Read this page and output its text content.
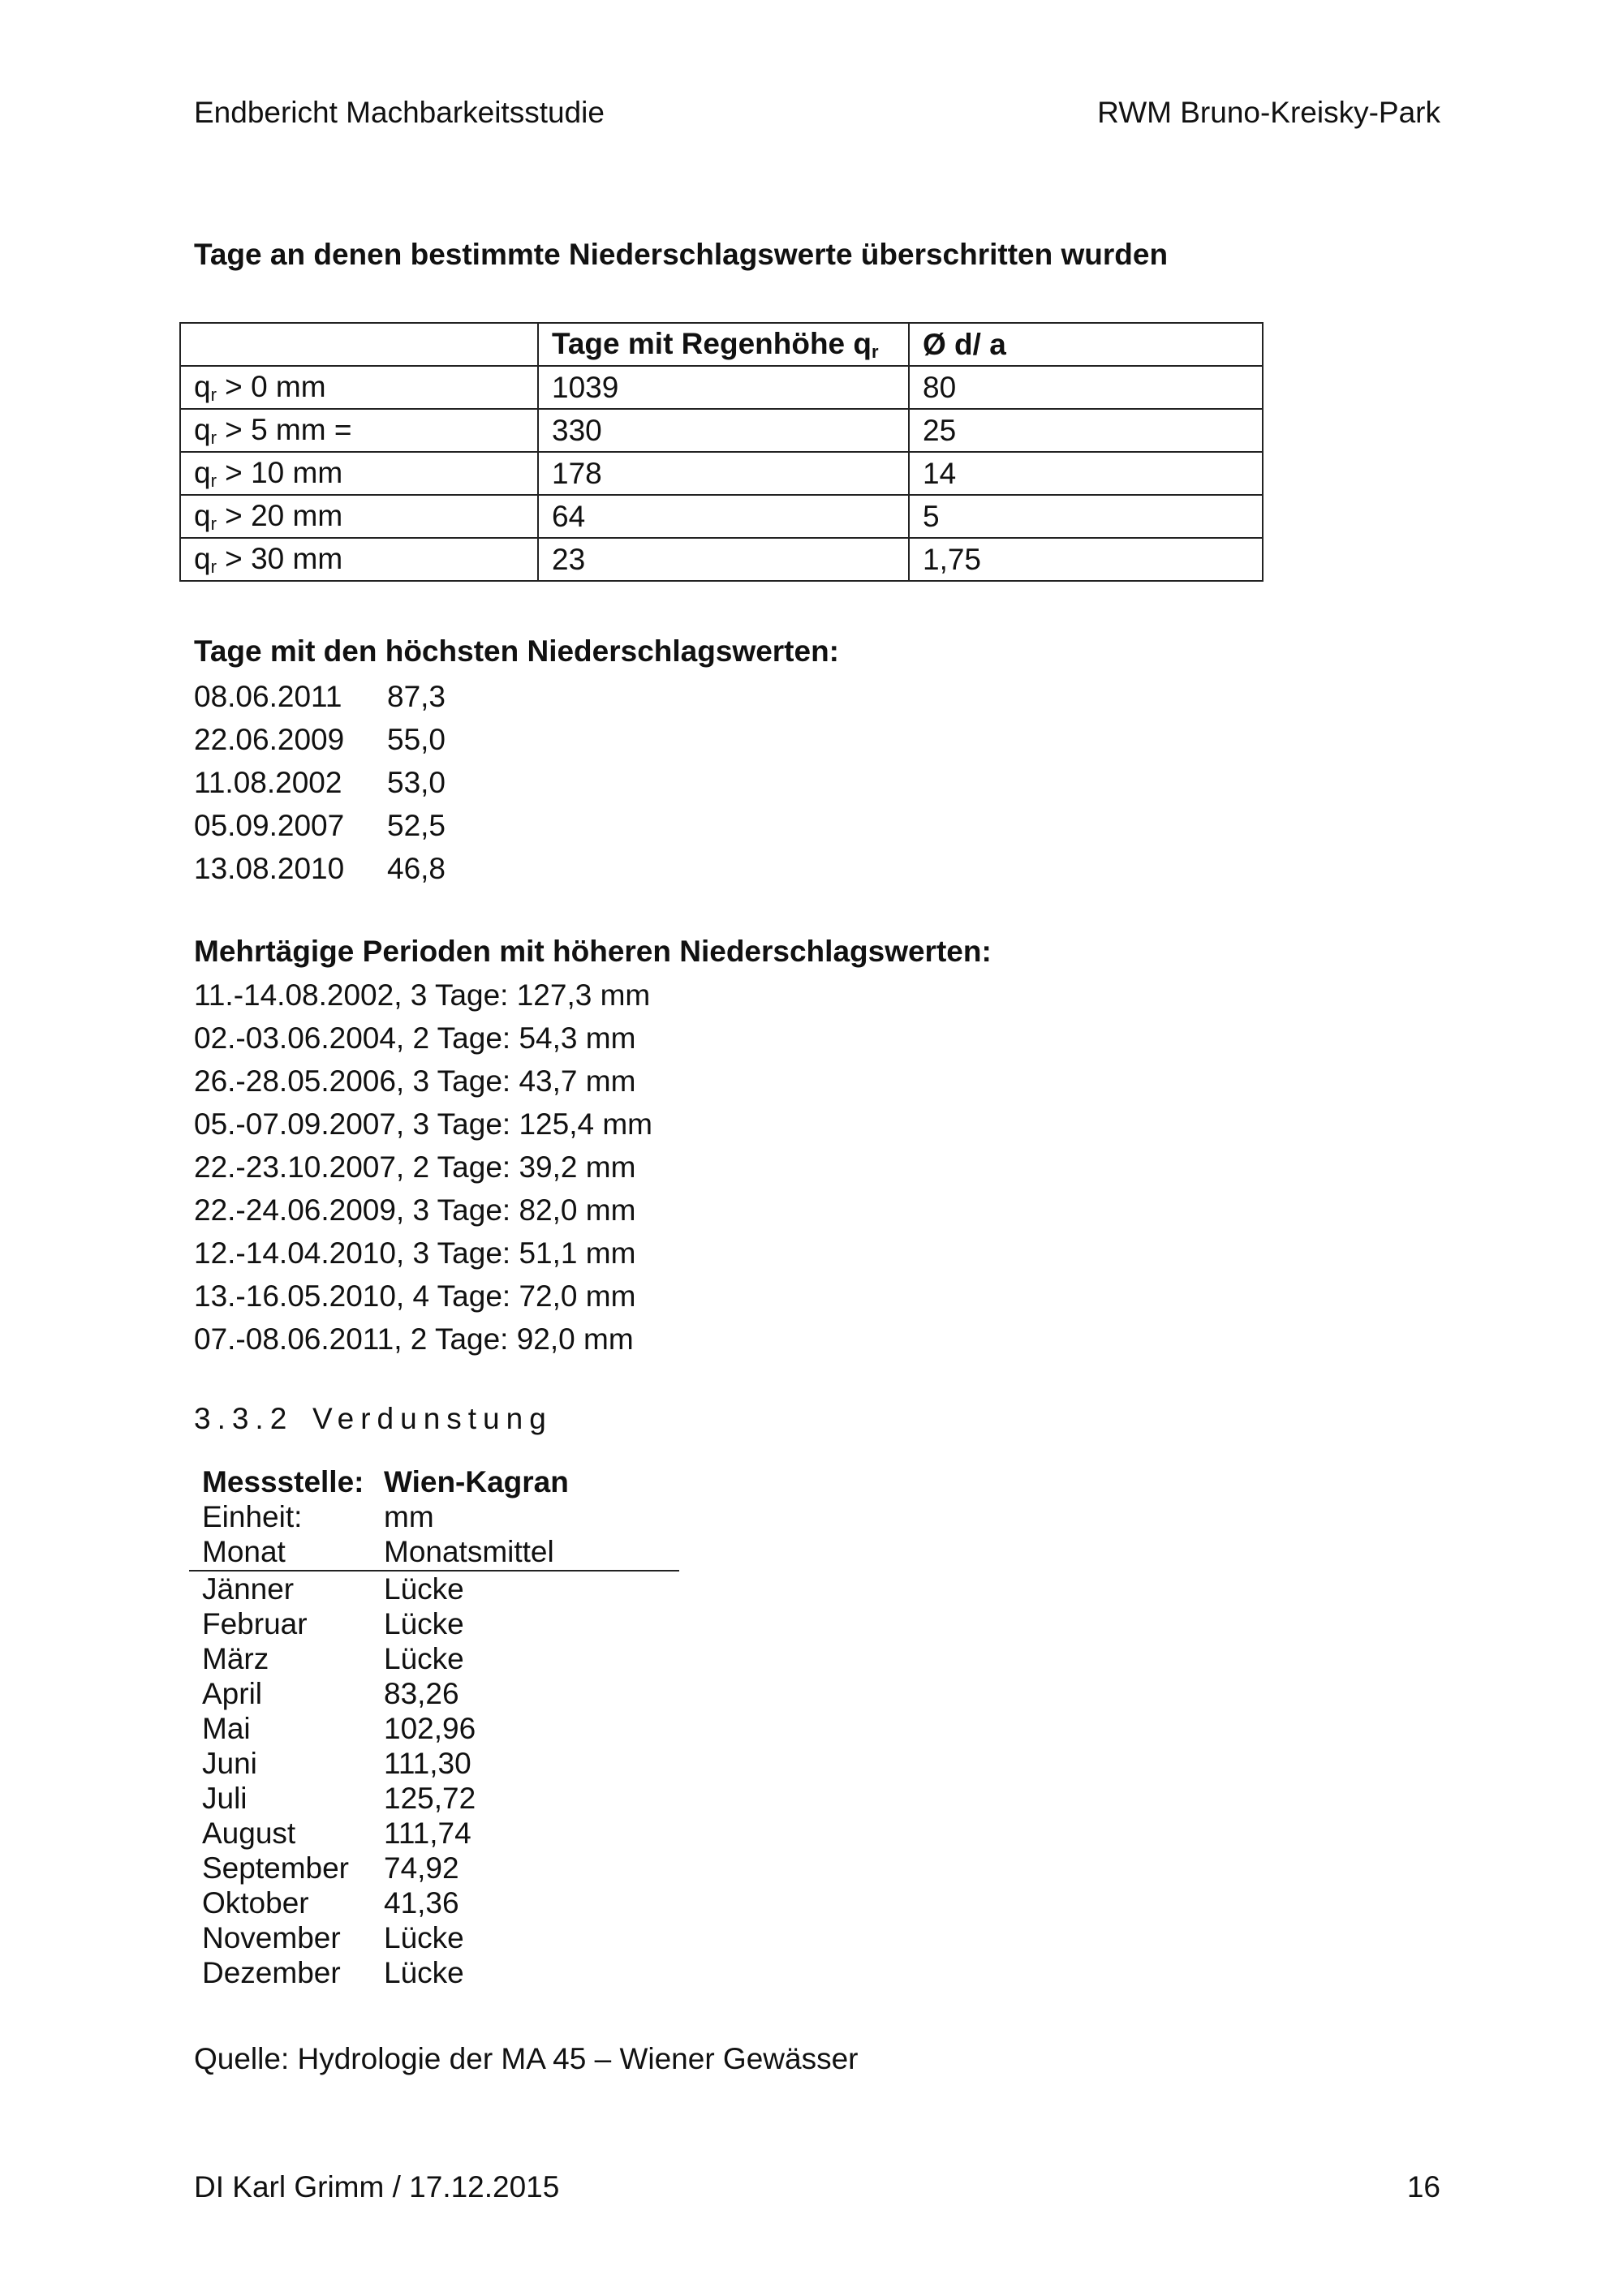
Endbericht Machbarkeitsstudie	RWM Bruno-Kreisky-Park
Tage an denen bestimmte Niederschlagswerte überschritten wurden
	Tage mit Regenhöhe $q_r$	Ø d/ a
$q_r > 0$ mm	1039	80
$q_r > 5$ mm =	330	25
$q_r > 10$ mm	178	14
$q_r > 20$ mm	64	5
$q_r > 30$ mm	23	1,75
Tage mit den höchsten Niederschlagswerten:
08.06.2011 87,3
22.06.2009 55,0
11.08.2002 53,0
05.09.2007 52,5
13.08.2010 46,8
Mehrtägige Perioden mit höheren Niederschlagswerten:
11.-14.08.2002, 3 Tage: 127,3 mm
02.-03.06.2004, 2 Tage: 54,3 mm
26.-28.05.2006, 3 Tage: 43,7 mm
05.-07.09.2007, 3 Tage: 125,4 mm
22.-23.10.2007, 2 Tage: 39,2 mm
22.-24.06.2009, 3 Tage: 82,0 mm
12.-14.04.2010, 3 Tage: 51,1 mm
13.-16.05.2010, 4 Tage: 72,0 mm
07.-08.06.2011, 2 Tage: 92,0 mm
3.3.2 Verdunstung
Messstelle: Wien-Kagran
Einheit:	mm
Monat	Monatsmittel
Jänner	Lücke
Februar	Lücke
März	Lücke
April	83,26
Mai	102,96
Juni	111,30
Juli	125,72
August	111,74
September 74,92
Oktober 41,36
November Lücke
Dezember Lücke
Quelle: Hydrologie der MA 45 – Wiener Gewässer
DI Karl Grimm / 17.12.2015	16
